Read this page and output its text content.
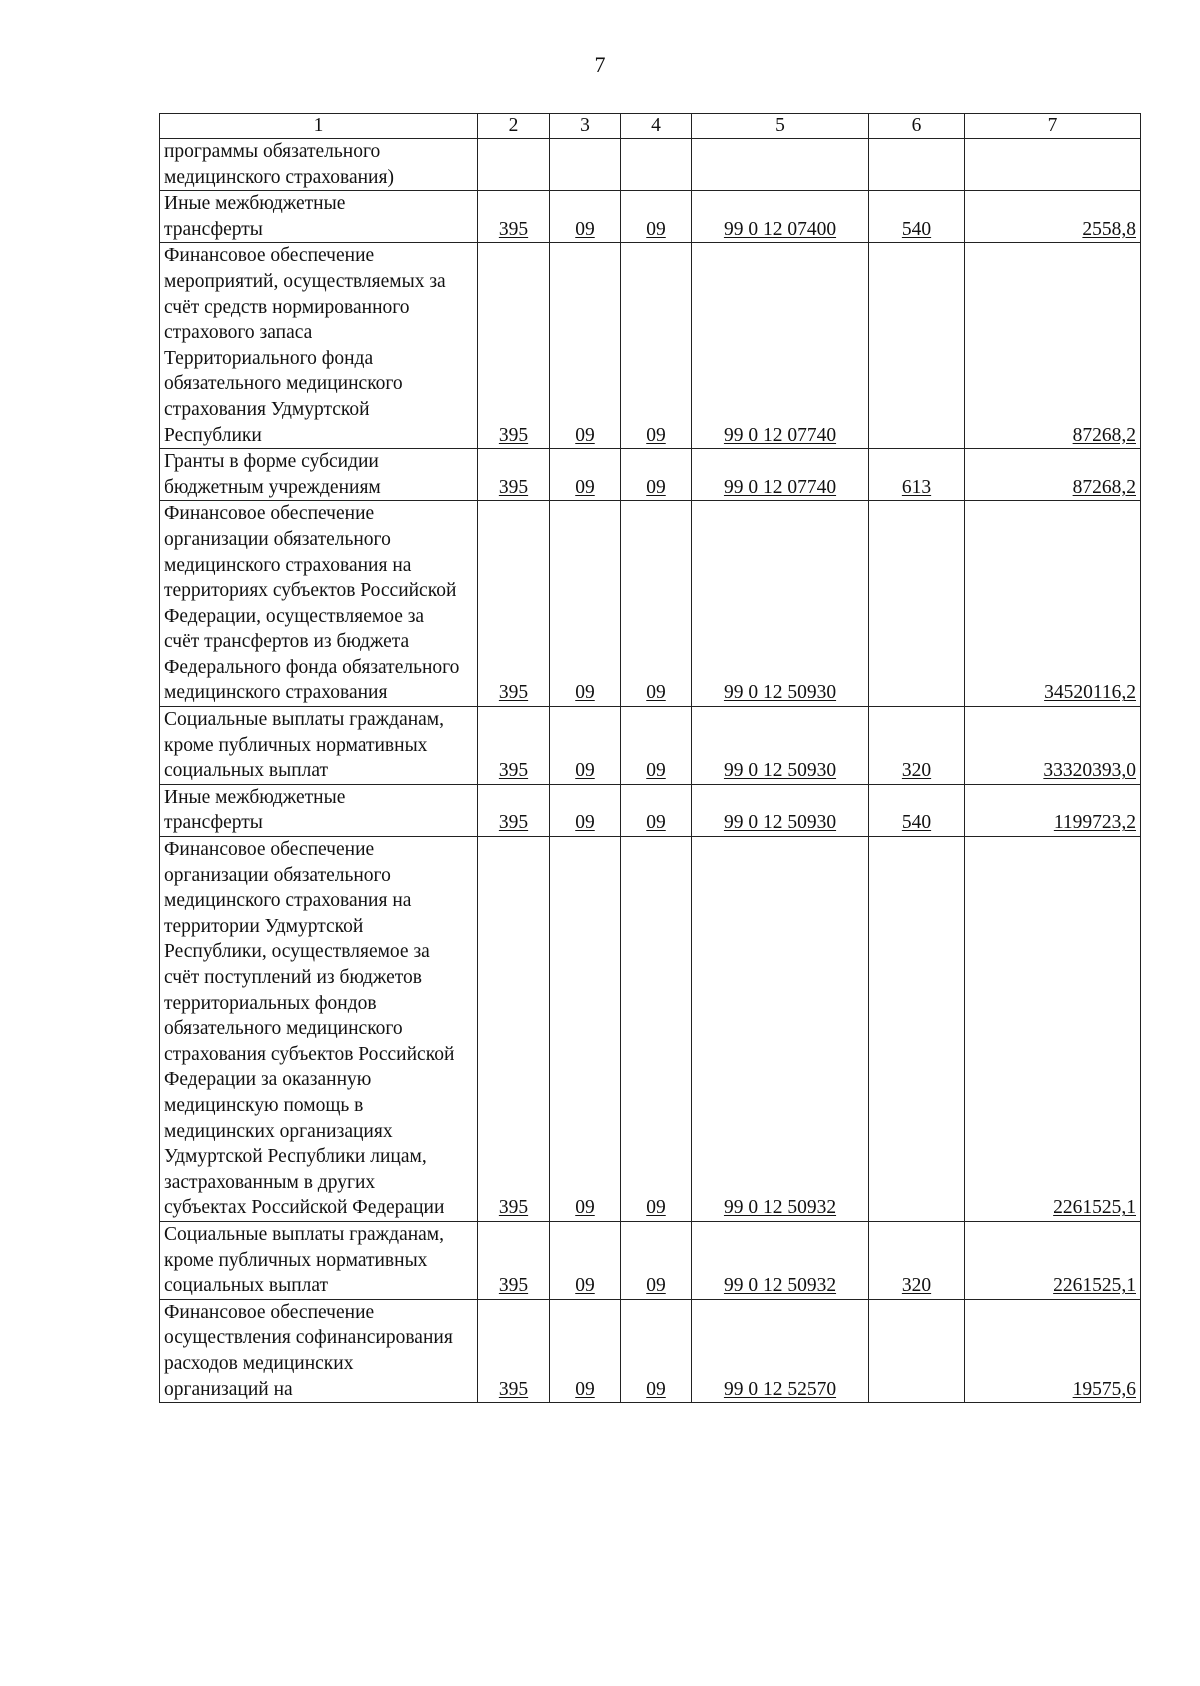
7
1	2	3	4	5	6	7

программы обязательного медицинского страхования)						

Иные межбюджетные трансферты	395	09	09	99 0 12 07400	540	2558,8

Финансовое обеспечение мероприятий, осуществляемых за счёт средств нормированного страхового запаса Территориального фонда обязательного медицинского страхования Удмуртской Республики	395	09	09	99 0 12 07740		87268,2

Гранты в форме субсидии бюджетным учреждениям	395	09	09	99 0 12 07740	613	87268,2

Финансовое обеспечение организации обязательного медицинского страхования на территориях субъектов Российской Федерации, осуществляемое за счёт трансфертов из бюджета Федерального фонда обязательного медицинского страхования	395	09	09	99 0 12 50930		34520116,2

Социальные выплаты гражданам, кроме публичных нормативных социальных выплат	395	09	09	99 0 12 50930	320	33320393,0

Иные межбюджетные трансферты	395	09	09	99 0 12 50930	540	1199723,2

Финансовое обеспечение организации обязательного медицинского страхования на территории Удмуртской Республики, осуществляемое за счёт поступлений из бюджетов территориальных фондов обязательного медицинского страхования субъектов Российской Федерации за оказанную медицинскую помощь в медицинских организациях Удмуртской Республики лицам, застрахованным в других субъектах Российской Федерации	395	09	09	99 0 12 50932		2261525,1

Социальные выплаты гражданам, кроме публичных нормативных социальных выплат	395	09	09	99 0 12 50932	320	2261525,1

Финансовое обеспечение осуществления софинансирования расходов медицинских организаций на	395	09	09	99 0 12 52570		19575,6
